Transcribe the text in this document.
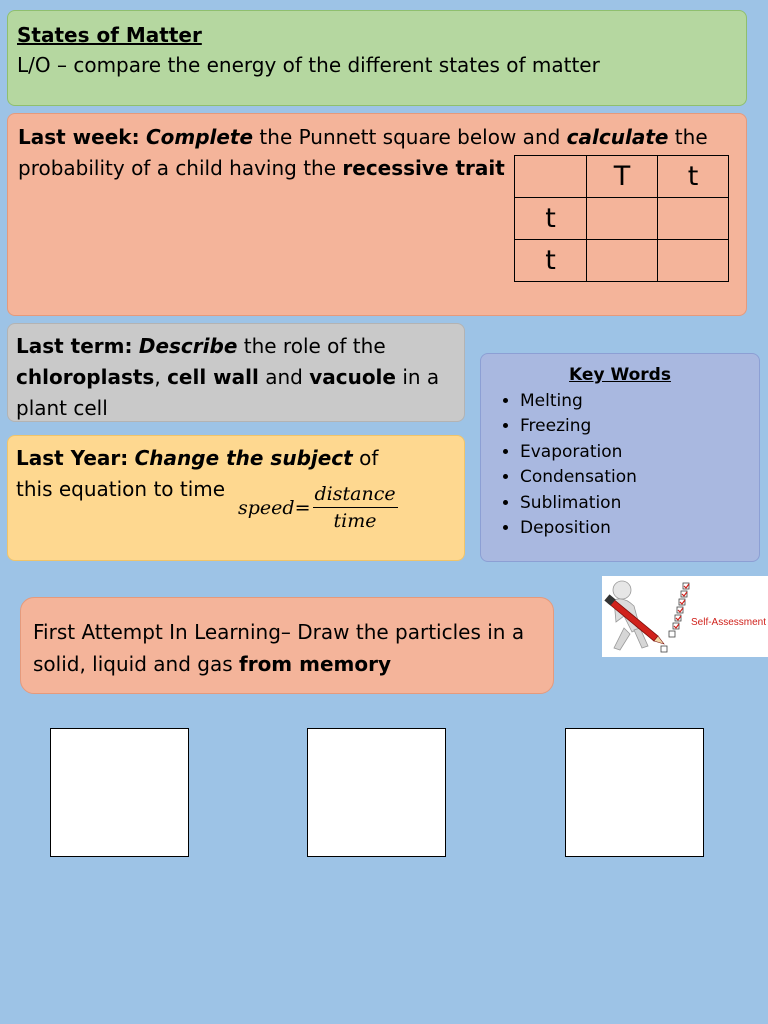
States of Matter
L/O – compare the energy of the different states of matter
Last week: Complete the Punnett square below and calculate the probability of a child having the recessive trait
		T	t
t		
t		
Last term: Describe the role of the chloroplasts, cell wall and vacuole in a plant cell
Last Year: Change the subject of this equation to time
speed = $\frac{\text{distance}}{\text{time}}$
Key Words
• Melting
• Freezing
• Evaporation
• Condensation
• Sublimation
• Deposition
Self-Assessment
First Attempt In Learning– Draw the particles in a solid, liquid and gas from memory
